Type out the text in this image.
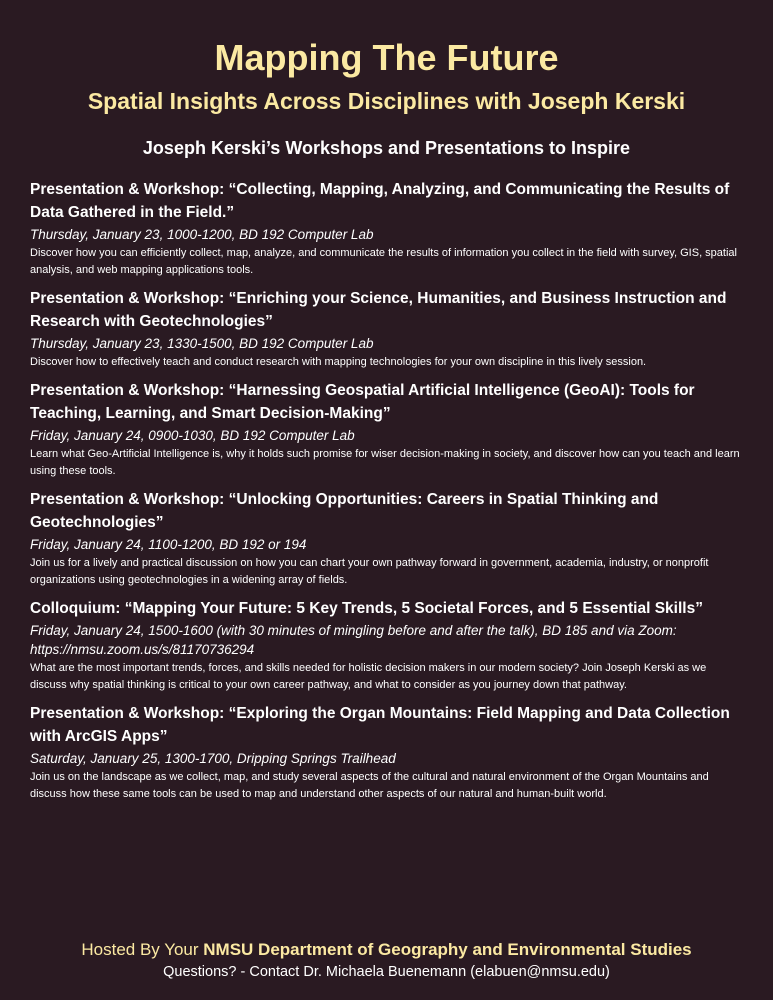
Mapping The Future
Spatial Insights Across Disciplines with Joseph Kerski
Joseph Kerski’s Workshops and Presentations to Inspire

Presentation & Workshop: “Collecting, Mapping, Analyzing, and Communicating the Results of Data Gathered in the Field.”

Thursday, January 23, 1000-1200, BD 192 Computer Lab

Discover how you can efficiently collect, map, analyze, and communicate the results of information you collect in the field with survey, GIS, spatial analysis, and web mapping applications tools.

Presentation & Workshop: “Enriching your Science, Humanities, and Business Instruction and Research with Geotechnologies”

Thursday, January 23, 1330-1500, BD 192 Computer Lab

Discover how to effectively teach and conduct research with mapping technologies for your own discipline in this lively session.

Presentation & Workshop: “Harnessing Geospatial Artificial Intelligence (GeoAI): Tools for Teaching, Learning, and Smart Decision-Making”

Friday, January 24, 0900-1030, BD 192 Computer Lab

Learn what Geo-Artificial Intelligence is, why it holds such promise for wiser decision-making in society, and discover how can you teach and learn using these tools.

Presentation & Workshop: “Unlocking Opportunities: Careers in Spatial Thinking and Geotechnologies”

Friday, January 24, 1100-1200, BD 192 or 194

Join us for a lively and practical discussion on how you can chart your own pathway forward in government, academia, industry, or nonprofit organizations using geotechnologies in a widening array of fields.

Colloquium: “Mapping Your Future: 5 Key Trends, 5 Societal Forces, and 5 Essential Skills”

Friday, January 24, 1500-1600 (with 30 minutes of mingling before and after the talk), BD 185 and via Zoom: https://nmsu.zoom.us/s/81170736294

What are the most important trends, forces, and skills needed for holistic decision makers in our modern society? Join Joseph Kerski as we discuss why spatial thinking is critical to your own career pathway, and what to consider as you journey down that pathway.

Presentation & Workshop: “Exploring the Organ Mountains: Field Mapping and Data Collection with ArcGIS Apps”

Saturday, January 25, 1300-1700, Dripping Springs Trailhead

Join us on the landscape as we collect, map, and study several aspects of the cultural and natural environment of the Organ Mountains and discuss how these same tools can be used to map and understand other aspects of our natural and human-built world.

Hosted By Your NMSU Department of Geography and Environmental Studies
Questions? - Contact Dr. Michaela Buenemann (elabuen@nmsu.edu)
